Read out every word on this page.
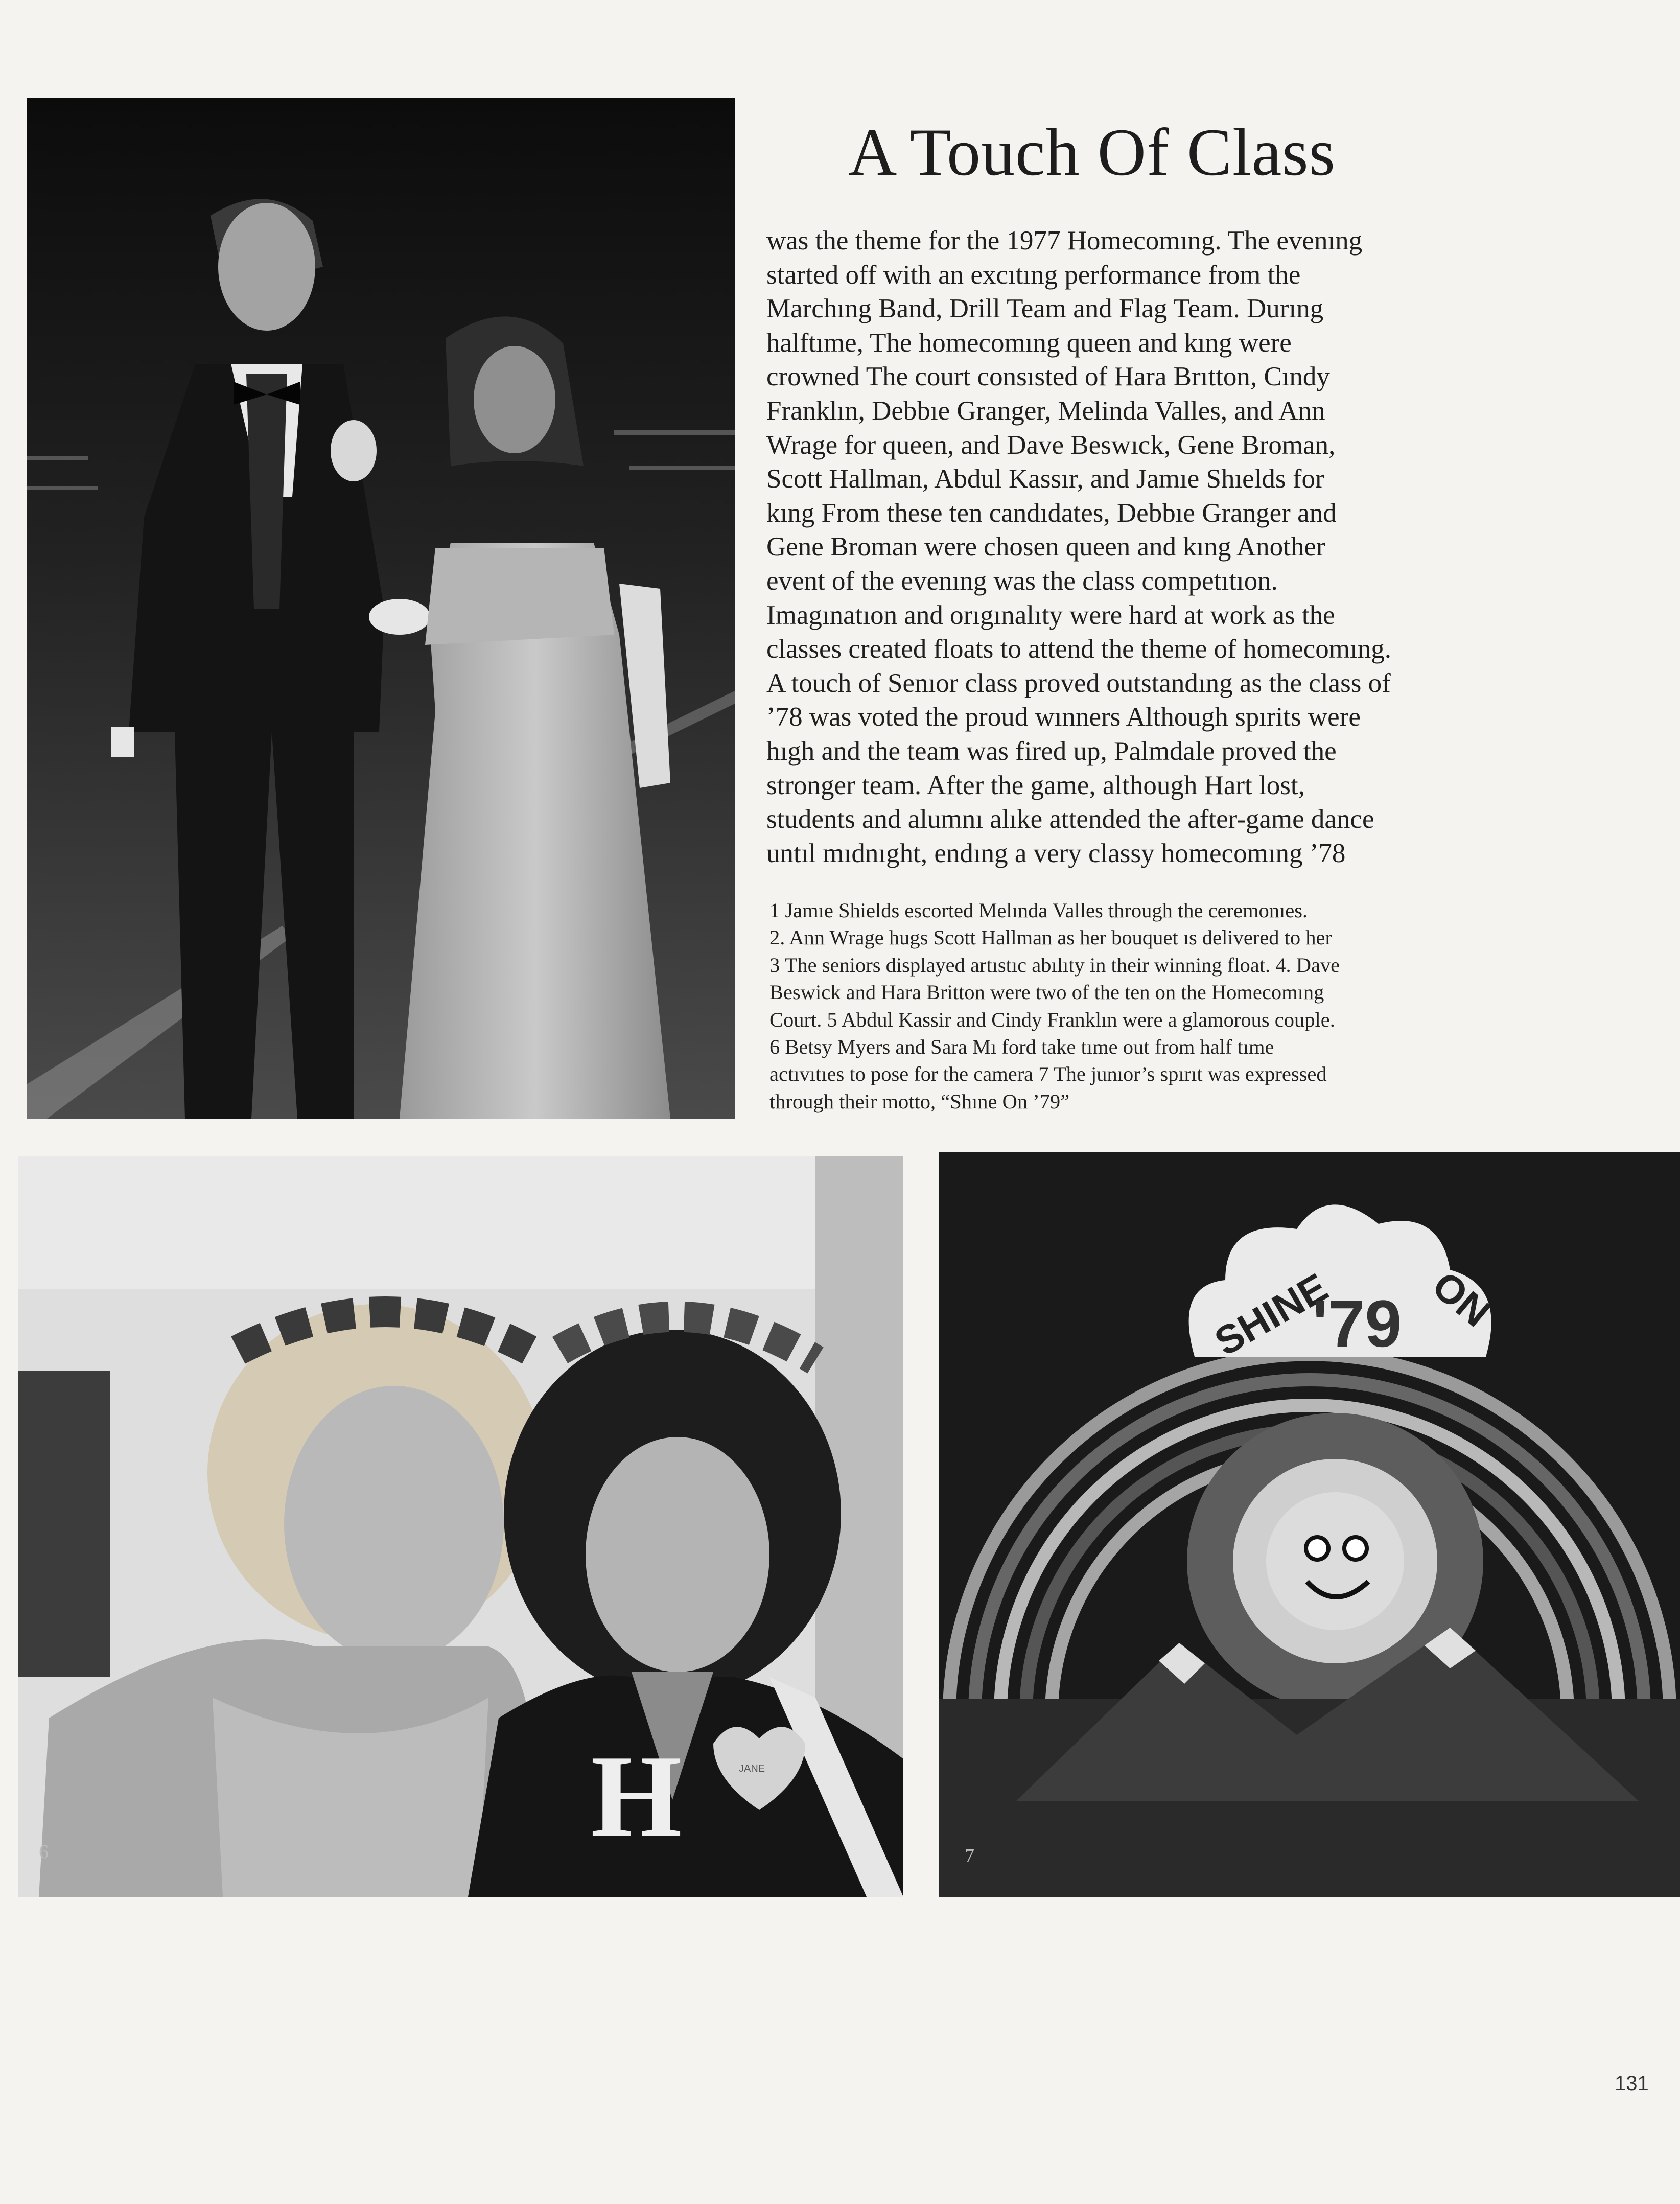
A Touch Of Class
was the theme for the 1977 Homecomıng. The evenıng
started off with an excıtıng performance from the
Marchıng Band, Drill Team and Flag Team. Durıng
halftıme, The homecomıng queen and kıng were
crowned The court consısted of Hara Brıtton, Cındy
Franklın, Debbıe Granger, Melinda Valles, and Ann
Wrage for queen, and Dave Beswıck, Gene Broman,
Scott Hallman, Abdul Kassır, and Jamıe Shıelds for
kıng From these ten candıdates, Debbıe Granger and
Gene Broman were chosen queen and kıng Another
event of the evenıng was the class competıtıon.
Imagınatıon and orıgınalıty were hard at work as the
classes created floats to attend the theme of homecomıng.
A touch of Senıor class proved outstandıng as the class of
’78 was voted the proud wınners Although spırits were
hıgh and the team was fired up, Palmdale proved the
stronger team. After the game, although Hart lost,
students and alumnı alıke attended the after-game dance
untıl mıdnıght, endıng a very classy homecomıng ’78
1 Jamıe Shields escorted Melında Valles through the ceremonıes.
2. Ann Wrage hugs Scott Hallman as her bouquet ıs delivered to her
3 The seniors displayed artıstıc abılıty in their winning float. 4. Dave
Beswick and Hara Britton were two of the ten on the Homecomıng
Court. 5 Abdul Kassir and Cindy Franklın were a glamorous couple.
6 Betsy Myers and Sara Mı ford take tıme out from half tıme
actıvıtıes to pose for the camera 7 The junıor’s spırıt was expressed
through their motto, “Shıne On ’79”
H	JANE
6
SHINE
'79 ON
7
131
